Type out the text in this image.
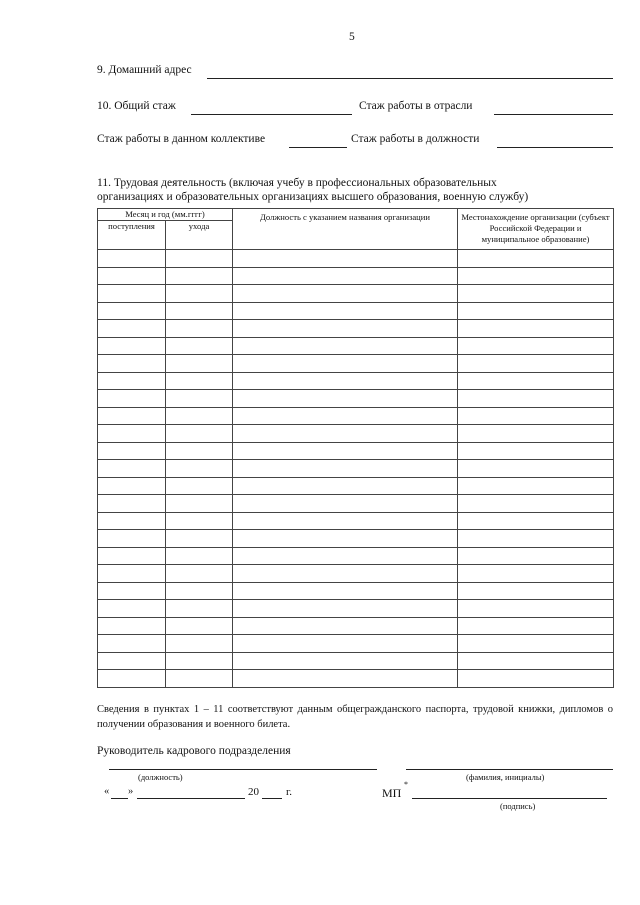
5
9. Домашний адрес
10. Общий стаж	Стаж работы в отрасли
Стаж работы в данном коллективе	Стаж работы в должности
11. Трудовая деятельность (включая учебу в профессиональных образовательных
организациях и образовательных организациях высшего образования, военную службу)
Месяц и год (мм.гггг)		Должность с указанием названия организации	Местонахождение организации (субъект Российской Федерации и муниципальное образование)
поступления	ухода		

Сведения в пунктах 1 – 11 соответствуют данным общегражданского паспорта, трудовой книжки, дипломов о получении образования и военного билета.
Руководитель кадрового подразделения
(должность)	(фамилия, инициалы)
« »	20 г.	МП
*
(подпись)
